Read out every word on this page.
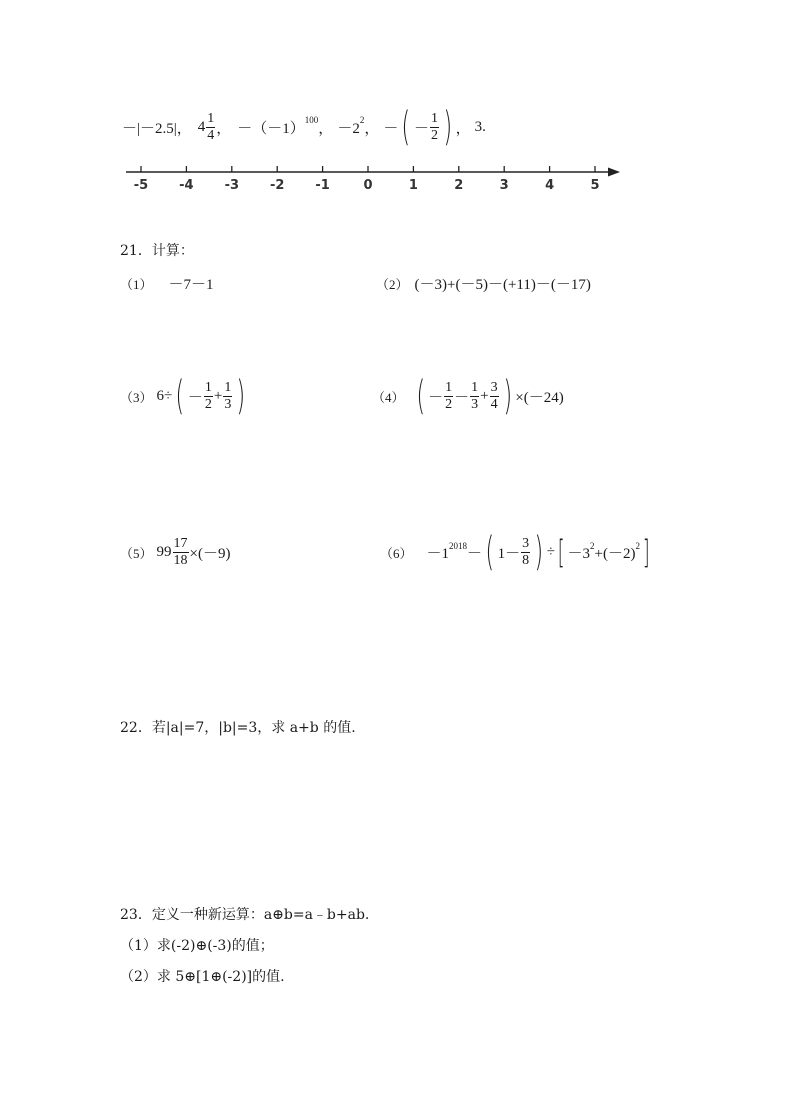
－|－2.5|， $4 \frac{1}{4}$ ， －（－1）
100
， －2
2
， － ( － $\frac{1}{2}$ ) ， 3.
-5 -4 -3 -2 -1	0	1	2	3	4	5
21．计算：
（1） －7－1	（2） (－3)+(－5)－(+11)－(－17)
（3） 6÷ ( － $\frac{1}{2} + \frac{1}{3}$ )	（4） ( － $\frac{1}{2} - \frac{1}{3} + \frac{3}{4}$ ) ×(－24)
（5） $99 \frac{17}{18} \times(-9)$	（6） －1 2018 － ( $1- \frac{3}{8}$ ) ÷ [ －3 2 +(－2) 2 ]
22．若|a|=7，|b|=3，求 a+b 的值.
23．定义一种新运算：a⊕b=a﹣b+ab.
（1）求(-2)⊕(-3)的值；
（2）求 5⊕[1⊕(-2)]的值.
